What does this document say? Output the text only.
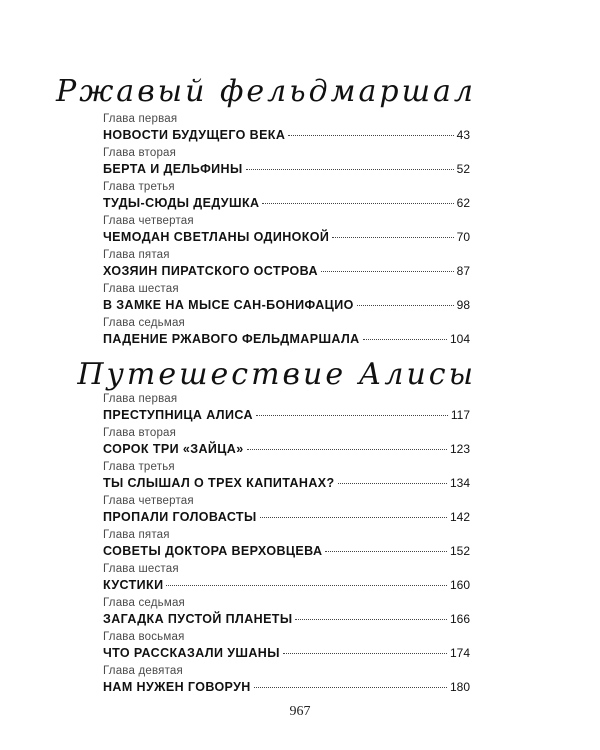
Ржавый фельдмаршал
Глава первая
НОВОСТИ БУДУЩЕГО ВЕКА	43
Глава вторая
БЕРТА И ДЕЛЬФИНЫ	52
Глава третья
ТУДЫ-СЮДЫ ДЕДУШКА	62
Глава четвертая
ЧЕМОДАН СВЕТЛАНЫ ОДИНОКОЙ	70
Глава пятая
ХОЗЯИН ПИРАТСКОГО ОСТРОВА	87
Глава шестая
В ЗАМКЕ НА МЫСЕ САН-БОНИФАЦИО	98
Глава седьмая
ПАДЕНИЕ РЖАВОГО ФЕЛЬДМАРШАЛА	104
Путешествие Алисы
Глава первая
ПРЕСТУПНИЦА АЛИСА	117
Глава вторая
СОРОК ТРИ «ЗАЙЦА»	123
Глава третья
ТЫ СЛЫШАЛ О ТРЕХ КАПИТАНАХ?	134
Глава четвертая
ПРОПАЛИ ГОЛОВАСТЫ	142
Глава пятая
СОВЕТЫ ДОКТОРА ВЕРХОВЦЕВА	152
Глава шестая
КУСТИКИ	160
Глава седьмая
ЗАГАДКА ПУСТОЙ ПЛАНЕТЫ	166
Глава восьмая
ЧТО РАССКАЗАЛИ УШАНЫ	174
Глава девятая
НАМ НУЖЕН ГОВОРУН	180
967
